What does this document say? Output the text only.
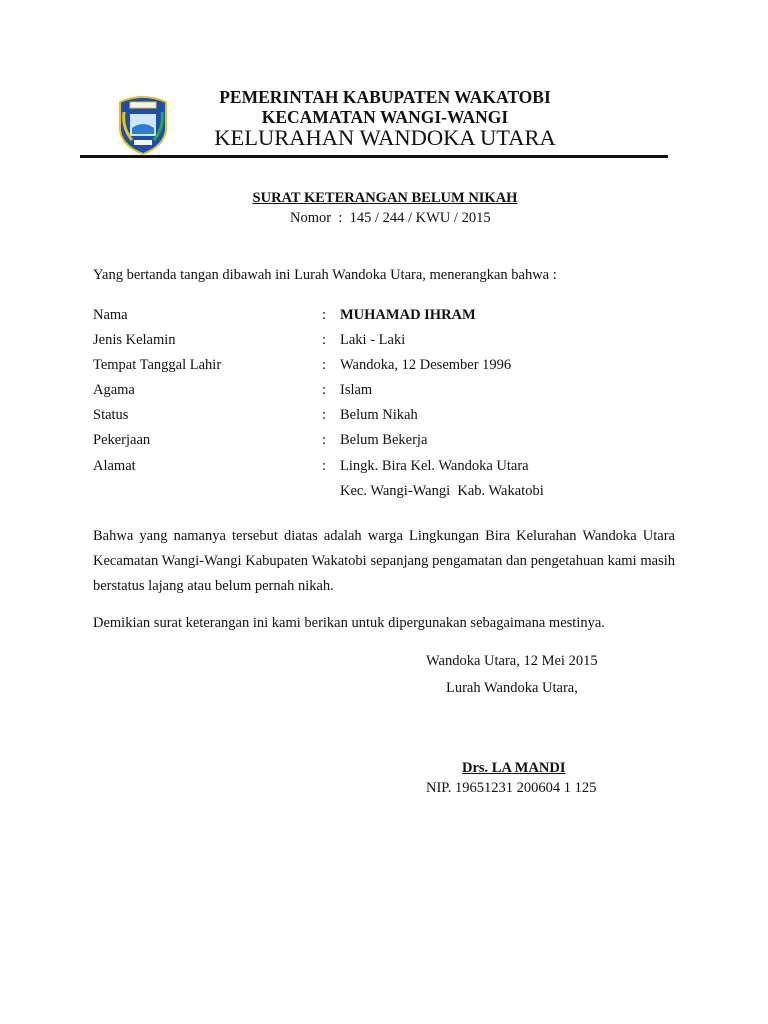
PEMERINTAH KABUPATEN WAKATOBI
KECAMATAN WANGI-WANGI
KELURAHAN WANDOKA UTARA
SURAT KETERANGAN BELUM NIKAH
Nomor  :  145 / 244 / KWU / 2015
Yang bertanda tangan dibawah ini Lurah Wandoka Utara, menerangkan bahwa :
Nama	: MUHAMAD IHRAM
Jenis Kelamin	: Laki - Laki
Tempat Tanggal Lahir	: Wandoka, 12 Desember 1996
Agama	: Islam
Status	: Belum Nikah
Pekerjaan	: Belum Bekerja
Alamat	: Lingk. Bira Kel. Wandoka Utara
Kec. Wangi-Wangi  Kab. Wakatobi
Bahwa yang namanya tersebut diatas adalah warga Lingkungan Bira Kelurahan Wandoka Utara Kecamatan Wangi-Wangi Kabupaten Wakatobi sepanjang pengamatan dan pengetahuan kami masih berstatus lajang atau belum pernah nikah.
Demikian surat keterangan ini kami berikan untuk dipergunakan sebagaimana mestinya.
Wandoka Utara, 12 Mei 2015
Lurah Wandoka Utara,
Drs. LA MANDI
NIP. 19651231 200604 1 125
